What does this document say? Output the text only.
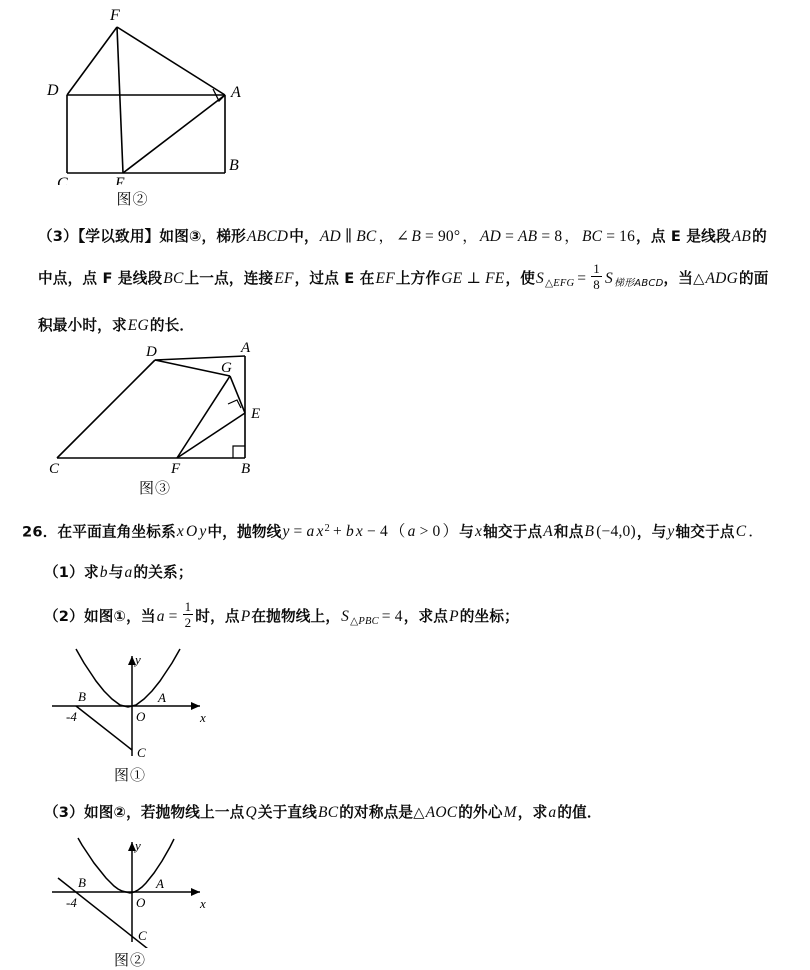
F
D	A
C	E
B
图②
（3）【学以致用】如图③，梯形ABCD中，AD ∥ BC ， ∠ B = 90° ， AD = AB = 8 ， BC = 16，点 E 是线段AB的中点，点 F 是线段BC上一点，连接EF，过点 E 在EF上方作GE ⊥ FE，使$S_{\triangle EFG} = \frac{1}{8}$ S梯形ABCD，当△ADG的面积最小时，求EG的长．
D	A
G
E
C	F	B
图③
26．在平面直角坐标系x O y中，抛物线y = a $x^2 + b$ x − 4 （ a > 0 ）与x轴交于点A和点B (−4,0)，与y轴交于点C ．
（1）求b与a的关系；
（2）如图①，当$a = \frac{1}{2}$ 时，点P在抛物线上，$S_{\triangle PBC} = 4$，求点P的坐标；
y
x
O
A
B
-4
C
图①
（3）如图②，若抛物线上一点Q关于直线BC的对称点是△AOC的外心M，求a的值．
y
x
O
A
B
-4
C
图②
